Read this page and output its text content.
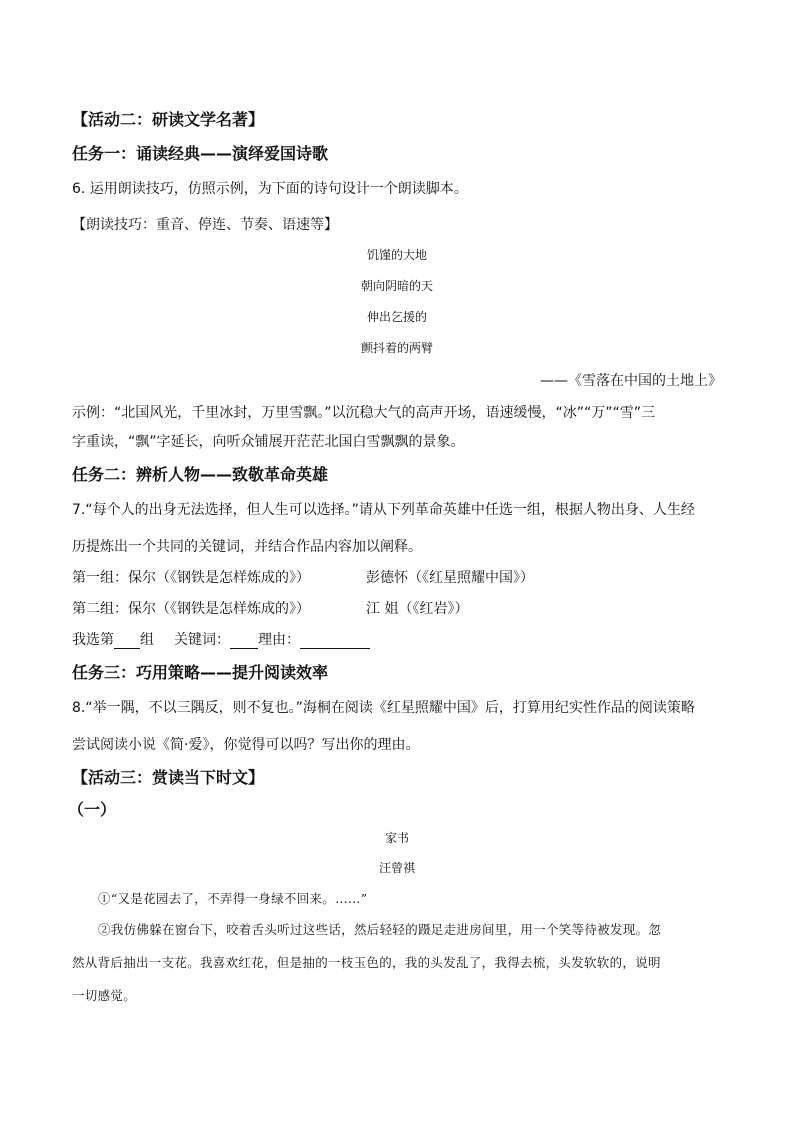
【活动二：研读文学名著】
任务一：诵读经典——演绎爱国诗歌
6. 运用朗读技巧，仿照示例，为下面的诗句设计一个朗读脚本。
【朗读技巧：重音、停连、节奏、语速等】
饥馑的大地
朝向阴暗的天
伸出乞援的
颤抖着的两臂
——《雪落在中国的土地上》
示例：“北国风光，千里冰封，万里雪飘。”以沉稳大气的高声开场，语速缓慢，“冰”“万”“雪”三
字重读，“飘”字延长，向听众铺展开茫茫北国白雪飘飘的景象。
任务二：辨析人物——致敬革命英雄
7.“每个人的出身无法选择，但人生可以选择。”请从下列革命英雄中任选一组，根据人物出身、人生经
历提炼出一个共同的关键词，并结合作品内容加以阐释。
第一组：保尔（《钢铁是怎样炼成的》）	彭德怀（《红星照耀中国》）
第二组：保尔（《钢铁是怎样炼成的》）	江 姐（《红岩》）
我选第 组 关键词： 理由：
任务三：巧用策略——提升阅读效率
8.“举一隅，不以三隅反，则不复也。”海桐在阅读《红星照耀中国》后，打算用纪实性作品的阅读策略
尝试阅读小说《简·爱》，你觉得可以吗？写出你的理由。
【活动三：赏读当下时文】
（一）
家书
汪曾祺
①“又是花园去了，不弄得一身绿不回来。……”
②我仿佛躲在窗台下，咬着舌头听过这些话，然后轻轻的蹑足走进房间里，用一个笑等待被发现。忽
然从背后抽出一支花。我喜欢红花，但是抽的一枝玉色的，我的头发乱了，我得去梳，头发软软的，说明
一切感觉。
